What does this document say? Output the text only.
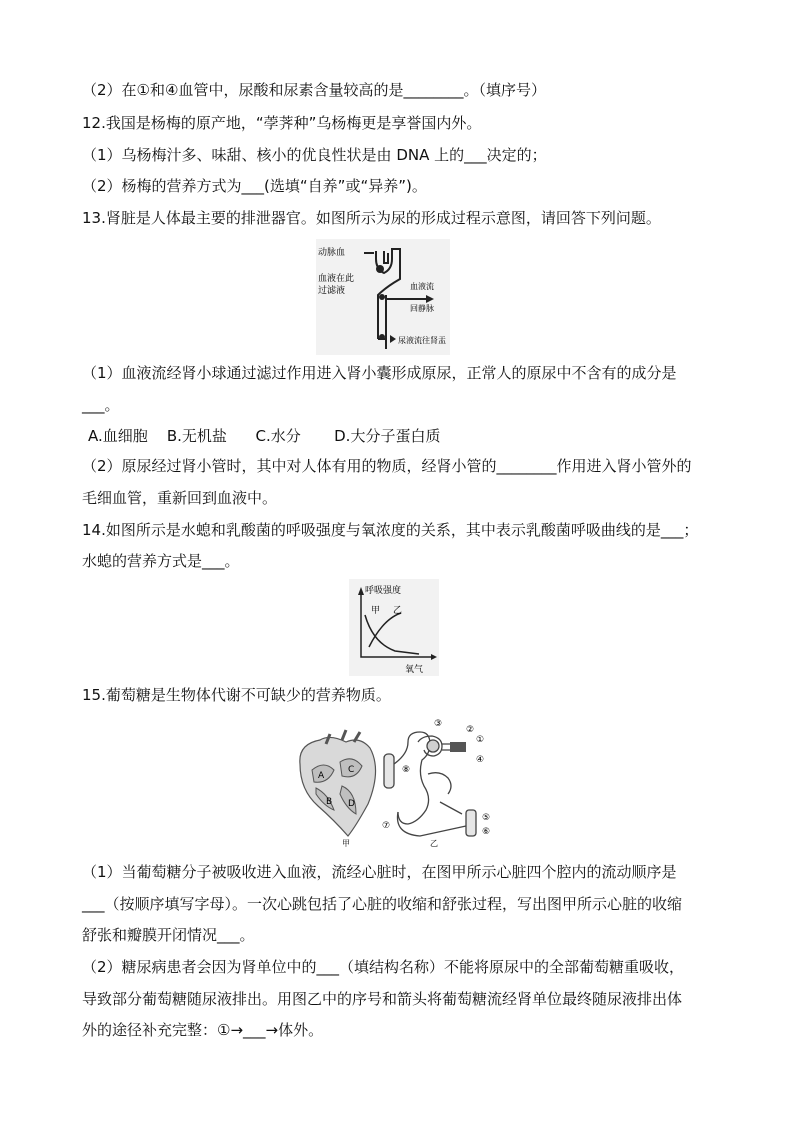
（2）在①和④血管中，尿酸和尿素含量较高的是________。（填序号）
12.我国是杨梅的原产地，“荸荠种”乌杨梅更是享誉国内外。
（1）乌杨梅汁多、味甜、核小的优良性状是由 DNA 上的___决定的；
（2）杨梅的营养方式为___(选填“自养”或“异养”)。
13.肾脏是人体最主要的排泄器官。如图所示为尿的形成过程示意图，请回答下列问题。
动脉血
血液在此
过滤液	血液流
回静脉
尿液流往肾盂
（1）血液流经肾小球通过滤过作用进入肾小囊形成原尿，正常人的原尿中不含有的成分是
___。
A.血细胞    B.无机盐      C.水分       D.大分子蛋白质
（2）原尿经过肾小管时，其中对人体有用的物质，经肾小管的________作用进入肾小管外的
毛细血管，重新回到血液中。
14.如图所示是水螅和乳酸菌的呼吸强度与氧浓度的关系，其中表示乳酸菌呼吸曲线的是___；
水螅的营养方式是___。
呼吸强度
甲 乙
氧气
15.葡萄糖是生物体代谢不可缺少的营养物质。
A
C
B D
甲
③
②
①
④
⑧
⑦
⑤
⑥
乙
（1）当葡萄糖分子被吸收进入血液，流经心脏时，在图甲所示心脏四个腔内的流动顺序是
___（按顺序填写字母）。一次心跳包括了心脏的收缩和舒张过程，写出图甲所示心脏的收缩
舒张和瓣膜开闭情况___。
（2）糖尿病患者会因为肾单位中的___（填结构名称）不能将原尿中的全部葡萄糖重吸收，
导致部分葡萄糖随尿液排出。用图乙中的序号和箭头将葡萄糖流经肾单位最终随尿液排出体
外的途径补充完整：①→___→体外。
